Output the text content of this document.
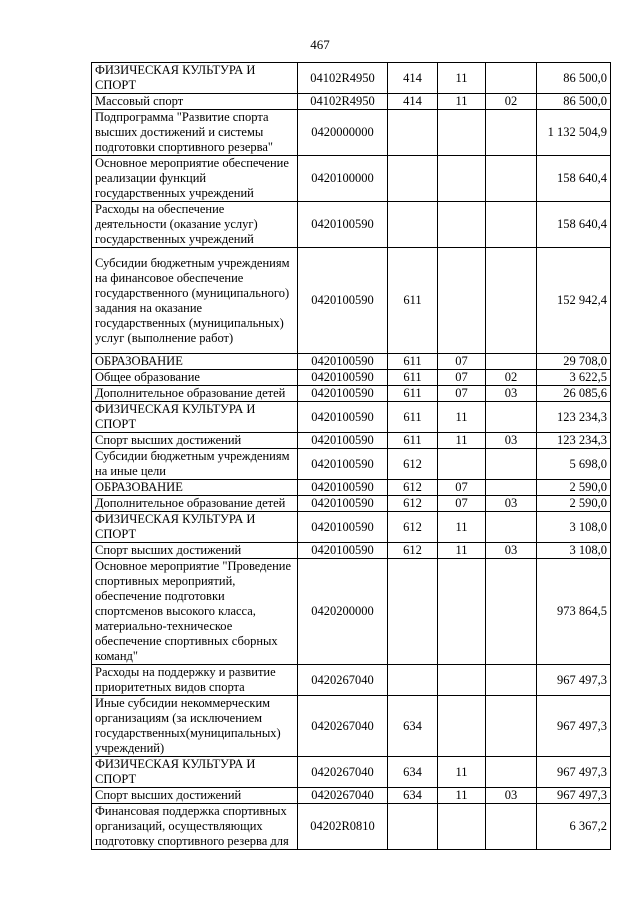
467
ФИЗИЧЕСКАЯ КУЛЬТУРА И СПОРТ	04102R4950	414	11		86 500,0
Массовый спорт	04102R4950	414	11	02	86 500,0
Подпрограмма "Развитие спорта высших достижений и системы подготовки спортивного резерва"	0420000000				1 132 504,9
Основное мероприятие обеспечение реализации функций государственных учреждений	0420100000				158 640,4
Расходы на обеспечение деятельности (оказание услуг) государственных учреждений	0420100590				158 640,4
Субсидии бюджетным учреждениям на финансовое обеспечение государственного (муниципального) задания на оказание государственных (муниципальных) услуг (выполнение работ)	0420100590	611			152 942,4
ОБРАЗОВАНИЕ	0420100590	611	07		29 708,0
Общее образование	0420100590	611	07	02	3 622,5
Дополнительное образование детей	0420100590	611	07	03	26 085,6
ФИЗИЧЕСКАЯ КУЛЬТУРА И СПОРТ	0420100590	611	11		123 234,3
Спорт высших достижений	0420100590	611	11	03	123 234,3
Субсидии бюджетным учреждениям на иные цели	0420100590	612			5 698,0
ОБРАЗОВАНИЕ	0420100590	612	07		2 590,0
Дополнительное образование детей	0420100590	612	07	03	2 590,0
ФИЗИЧЕСКАЯ КУЛЬТУРА И СПОРТ	0420100590	612	11		3 108,0
Спорт высших достижений	0420100590	612	11	03	3 108,0
Основное мероприятие "Проведение спортивных мероприятий, обеспечение подготовки спортсменов высокого класса, материально-техническое обеспечение спортивных сборных команд"	0420200000				973 864,5
Расходы на поддержку и развитие приоритетных видов спорта	0420267040				967 497,3
Иные субсидии некоммерческим организациям (за исключением государственных(муниципальных) учреждений)	0420267040	634			967 497,3
ФИЗИЧЕСКАЯ КУЛЬТУРА И СПОРТ	0420267040	634	11		967 497,3
Спорт высших достижений	0420267040	634	11	03	967 497,3
Финансовая поддержка спортивных организаций, осуществляющих подготовку спортивного резерва для	04202R0810				6 367,2
